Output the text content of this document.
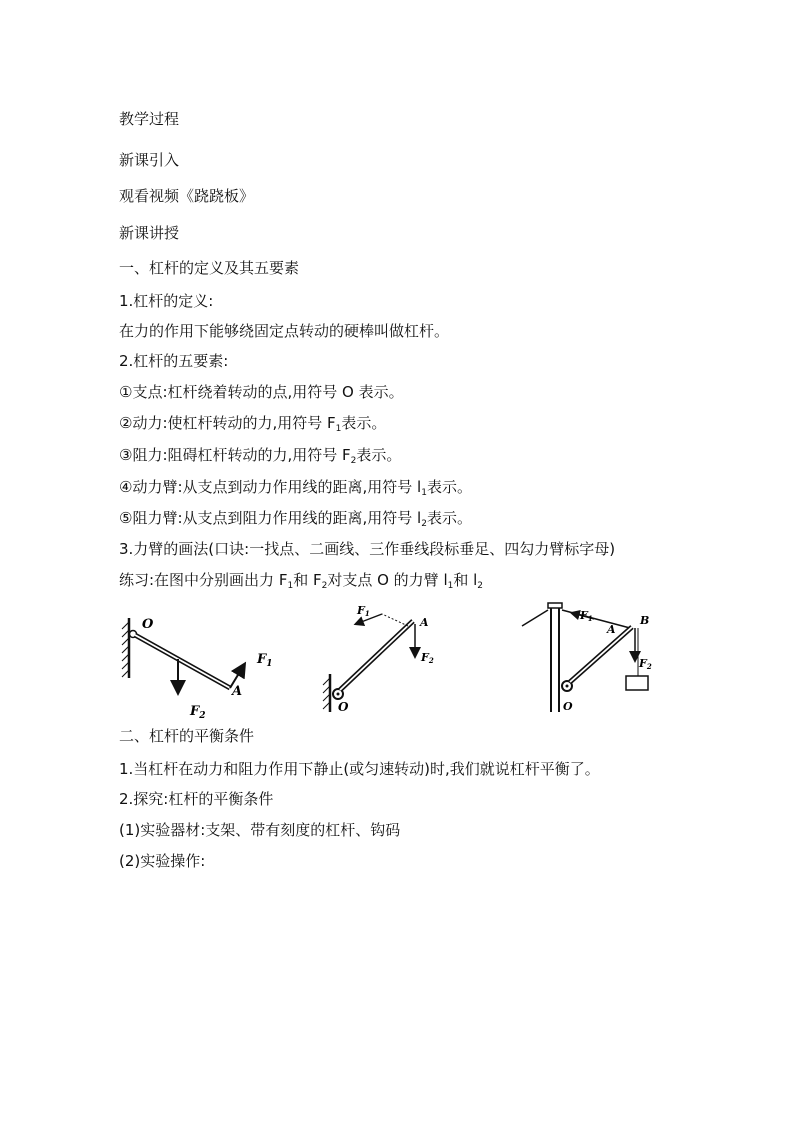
教学过程
新课引入
观看视频《跷跷板》
新课讲授
一、杠杆的定义及其五要素
1.杠杆的定义:
在力的作用下能够绕固定点转动的硬棒叫做杠杆。
2.杠杆的五要素:
①支点:杠杆绕着转动的点,用符号 O 表示。
②动力:使杠杆转动的力,用符号 $F_1$表示。
③阻力:阻碍杠杆转动的力,用符号 $F_2$表示。
④动力臂:从支点到动力作用线的距离,用符号 $l_1$表示。
⑤阻力臂:从支点到阻力作用线的距离,用符号 $l_2$表示。
3.力臂的画法(口诀:一找点、二画线、三作垂线段标垂足、四勾力臂标字母)
练习:在图中分别画出力 $F_1$和 $F_2$对支点 O 的力臂 $l_1$和 $l_2$
O
A
$F_1$
$F_2$
F1
A
F2
O
F1
A
B
F2
O
二、杠杆的平衡条件
1.当杠杆在动力和阻力作用下静止(或匀速转动)时,我们就说杠杆平衡了。
2.探究:杠杆的平衡条件
(1)实验器材:支架、带有刻度的杠杆、钩码
(2)实验操作:
